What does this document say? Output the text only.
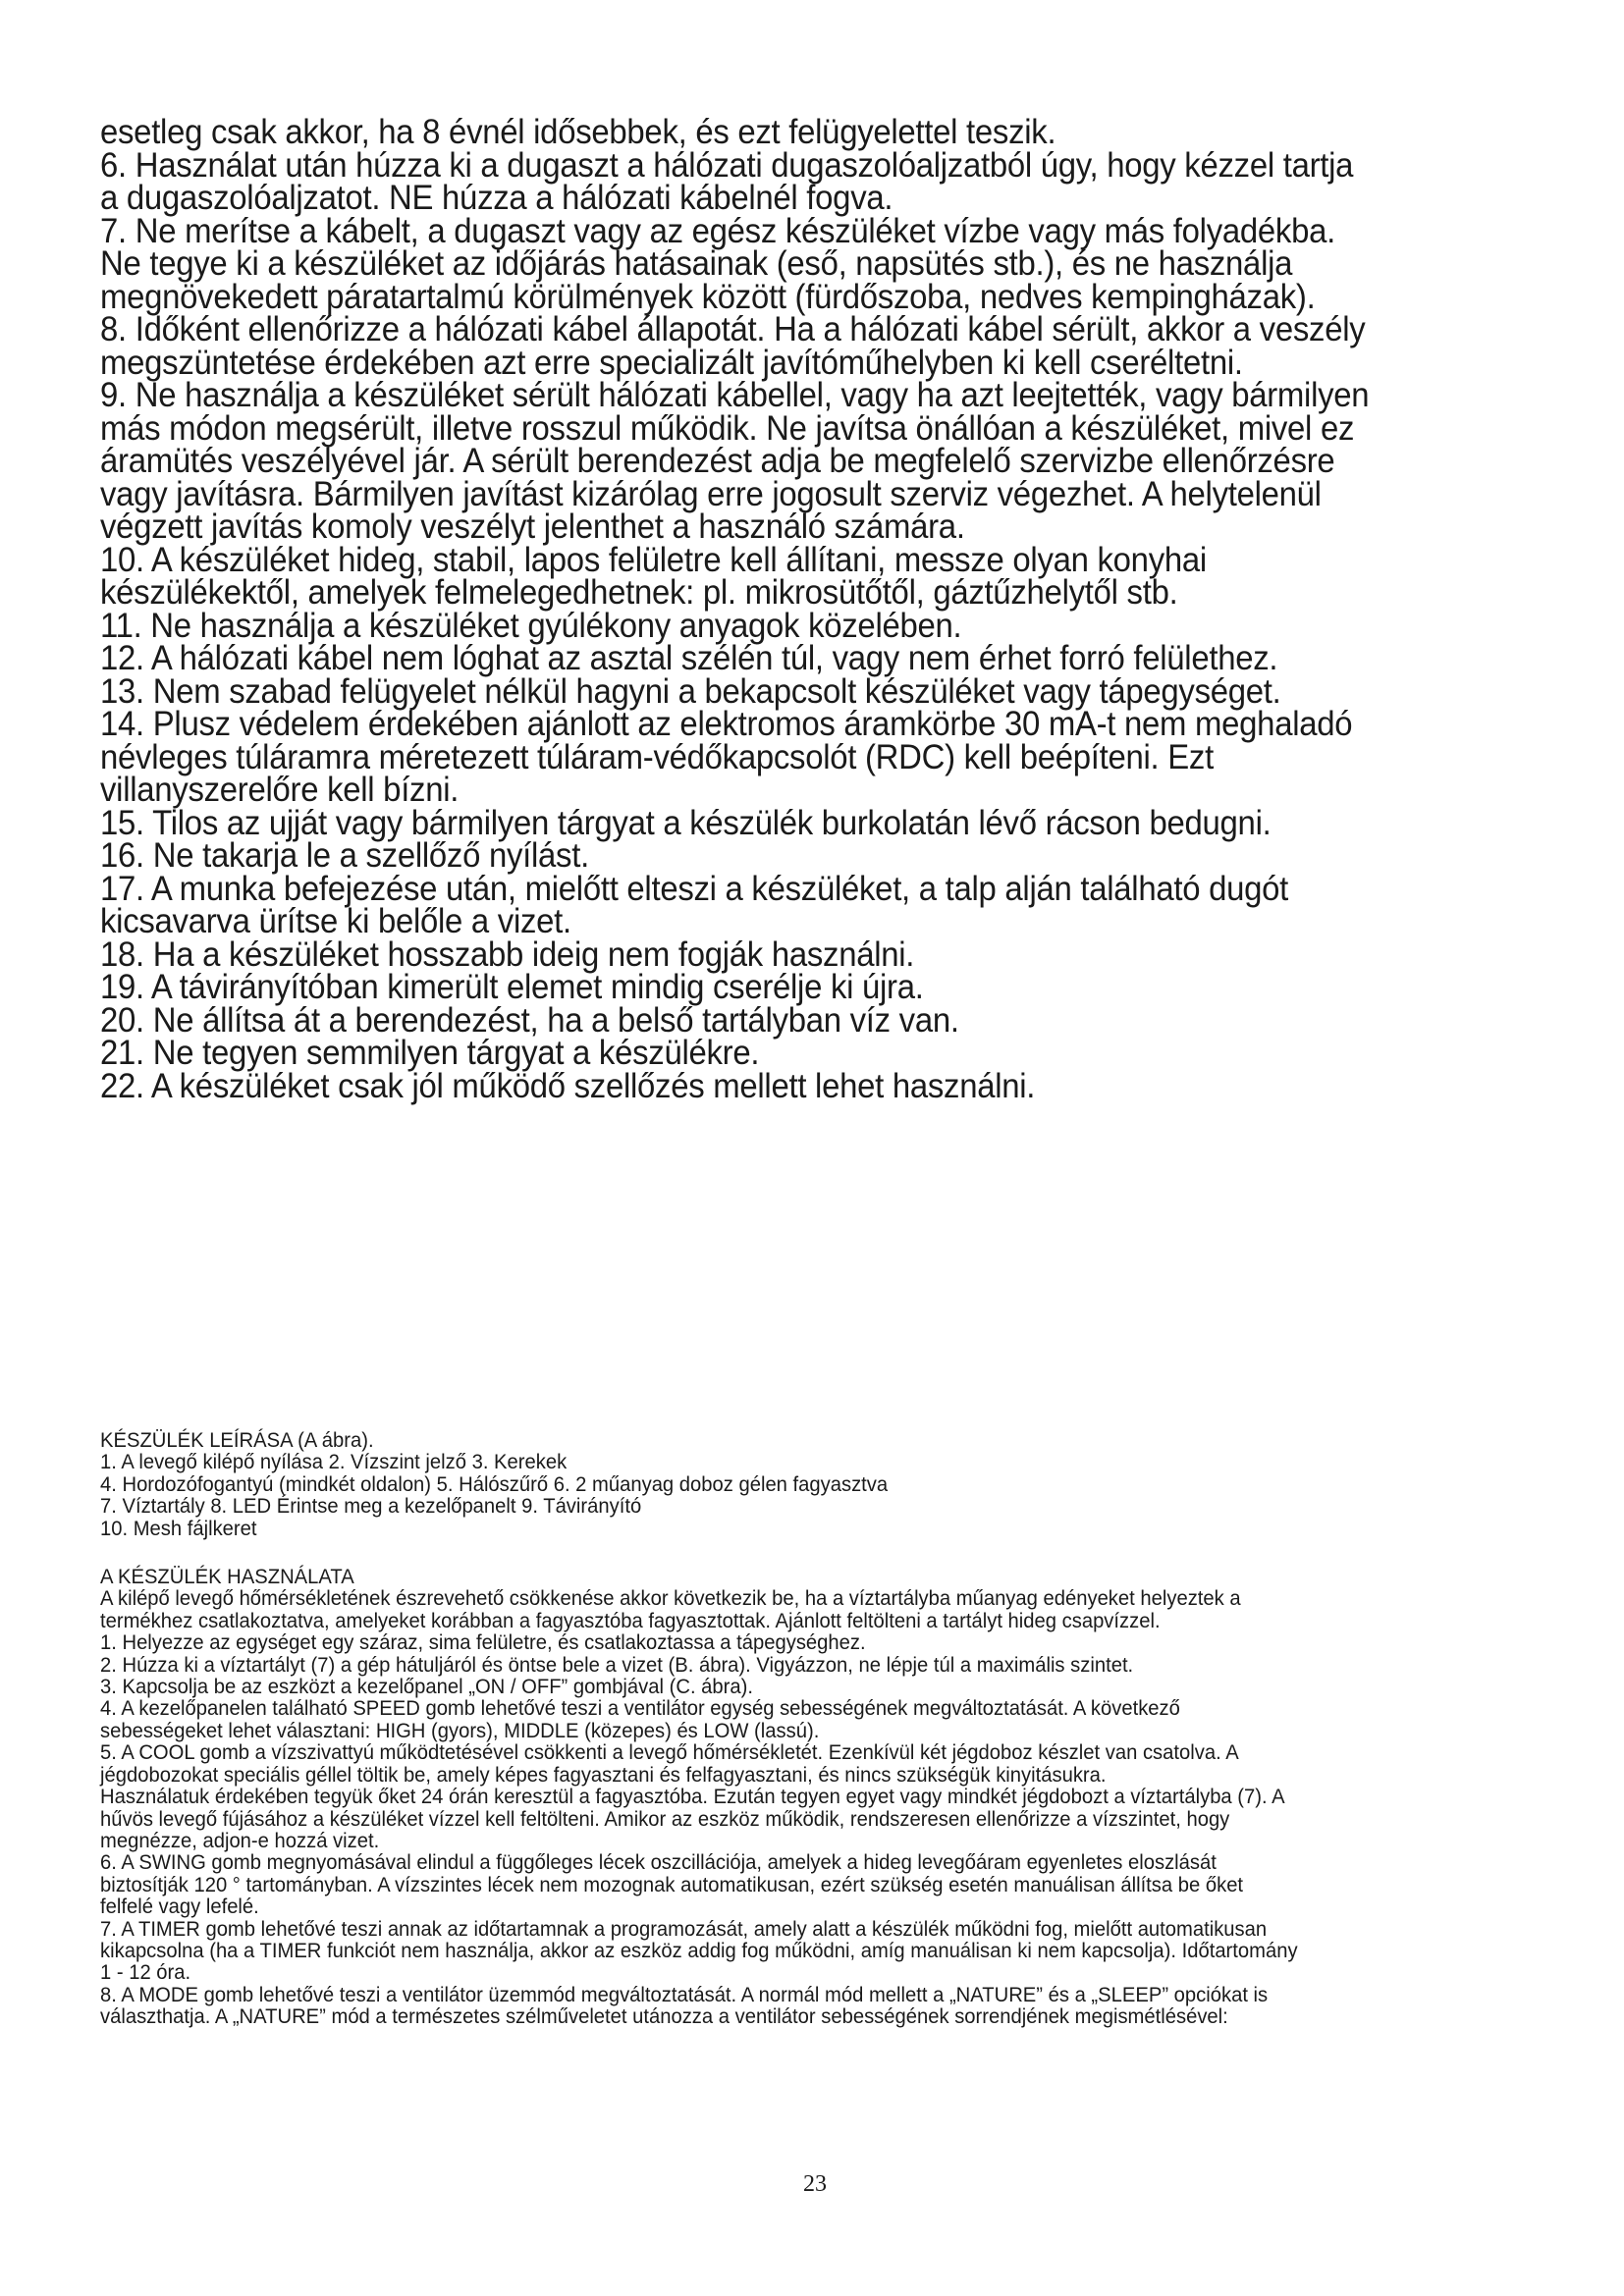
esetleg csak akkor, ha 8 évnél idősebbek, és ezt felügyelettel teszik.

6. Használat után húzza ki a dugaszt a hálózati dugaszolóaljzatból úgy, hogy kézzel tartja

a dugaszolóaljzatot. NE húzza a hálózati kábelnél fogva.

7. Ne merítse a kábelt, a dugaszt vagy az egész készüléket vízbe vagy más folyadékba.

Ne tegye ki a készüléket az időjárás hatásainak (eső, napsütés stb.), és ne használja

megnövekedett páratartalmú körülmények között (fürdőszoba, nedves kempingházak).

8. Időként ellenőrizze a hálózati kábel állapotát. Ha a hálózati kábel sérült, akkor a veszély

megszüntetése érdekében azt erre specializált javítóműhelyben ki kell cseréltetni.

9. Ne használja a készüléket sérült hálózati kábellel, vagy ha azt leejtették, vagy bármilyen

más módon megsérült, illetve rosszul működik. Ne javítsa önállóan a készüléket, mivel ez

áramütés veszélyével jár. A sérült berendezést adja be megfelelő szervizbe ellenőrzésre

vagy javításra. Bármilyen javítást kizárólag erre jogosult szerviz végezhet. A helytelenül

végzett javítás komoly veszélyt jelenthet a használó számára.

10. A készüléket hideg, stabil, lapos felületre kell állítani, messze olyan konyhai

készülékektől, amelyek felmelegedhetnek: pl. mikrosütőtől, gáztűzhelytől stb.

11. Ne használja a készüléket gyúlékony anyagok közelében.

12. A hálózati kábel nem lóghat az asztal szélén túl, vagy nem érhet forró felülethez.

13. Nem szabad felügyelet nélkül hagyni a bekapcsolt készüléket vagy tápegységet.

14. Plusz védelem érdekében ajánlott az elektromos áramkörbe 30 mA-t nem meghaladó

névleges túláramra méretezett túláram-védőkapcsolót (RDC) kell beépíteni. Ezt

villanyszerelőre kell bízni.

15. Tilos az ujját vagy bármilyen tárgyat a készülék burkolatán lévő rácson bedugni.

16. Ne takarja le a szellőző nyílást.

17. A munka befejezése után, mielőtt elteszi a készüléket, a talp alján található dugót

kicsavarva ürítse ki belőle a vizet.

18. Ha a készüléket hosszabb ideig nem fogják használni.

19. A távirányítóban kimerült elemet mindig cserélje ki újra.

20. Ne állítsa át a berendezést, ha a belső tartályban víz van.

21. Ne tegyen semmilyen tárgyat a készülékre.

22. A készüléket csak jól működő szellőzés mellett lehet használni.

KÉSZÜLÉK LEÍRÁSA (A ábra).

1. A levegő kilépő nyílása 2. Vízszint jelző 3. Kerekek

4. Hordozófogantyú (mindkét oldalon) 5. Hálószűrő 6. 2 műanyag doboz gélen fagyasztva

7. Víztartály 8. LED Érintse meg a kezelőpanelt 9. Távirányító

10. Mesh fájlkeret

A KÉSZÜLÉK HASZNÁLATA

A kilépő levegő hőmérsékletének észrevehető csökkenése akkor következik be, ha a víztartályba műanyag edényeket helyeztek a

termékhez csatlakoztatva, amelyeket korábban a fagyasztóba fagyasztottak. Ajánlott feltölteni a tartályt hideg csapvízzel.

1. Helyezze az egységet egy száraz, sima felületre, és csatlakoztassa a tápegységhez.

2. Húzza ki a víztartályt (7) a gép hátuljáról és öntse bele a vizet (B. ábra). Vigyázzon, ne lépje túl a maximális szintet.

3. Kapcsolja be az eszközt a kezelőpanel „ON / OFF” gombjával (C. ábra).

4. A kezelőpanelen található SPEED gomb lehetővé teszi a ventilátor egység sebességének megváltoztatását. A következő

sebességeket lehet választani: HIGH (gyors), MIDDLE (közepes) és LOW (lassú).

5. A COOL gomb a vízszivattyú működtetésével csökkenti a levegő hőmérsékletét. Ezenkívül két jégdoboz készlet van csatolva. A

jégdobozokat speciális géllel töltik be, amely képes fagyasztani és felfagyasztani, és nincs szükségük kinyitásukra.

Használatuk érdekében tegyük őket 24 órán keresztül a fagyasztóba. Ezután tegyen egyet vagy mindkét jégdobozt a víztartályba (7). A

hűvös levegő fújásához a készüléket vízzel kell feltölteni. Amikor az eszköz működik, rendszeresen ellenőrizze a vízszintet, hogy

megnézze, adjon-e hozzá vizet.

6. A SWING gomb megnyomásával elindul a függőleges lécek oszcillációja, amelyek a hideg levegőáram egyenletes eloszlását

biztosítják 120 ° tartományban. A vízszintes lécek nem mozognak automatikusan, ezért szükség esetén manuálisan állítsa be őket

felfelé vagy lefelé.

7. A TIMER gomb lehetővé teszi annak az időtartamnak a programozását, amely alatt a készülék működni fog, mielőtt automatikusan

kikapcsolna (ha a TIMER funkciót nem használja, akkor az eszköz addig fog működni, amíg manuálisan ki nem kapcsolja). Időtartomány

1 - 12 óra.

8. A MODE gomb lehetővé teszi a ventilátor üzemmód megváltoztatását. A normál mód mellett a „NATURE” és a „SLEEP” opciókat is

választhatja. A „NATURE” mód a természetes szélműveletet utánozza a ventilátor sebességének sorrendjének megismétlésével:

23
